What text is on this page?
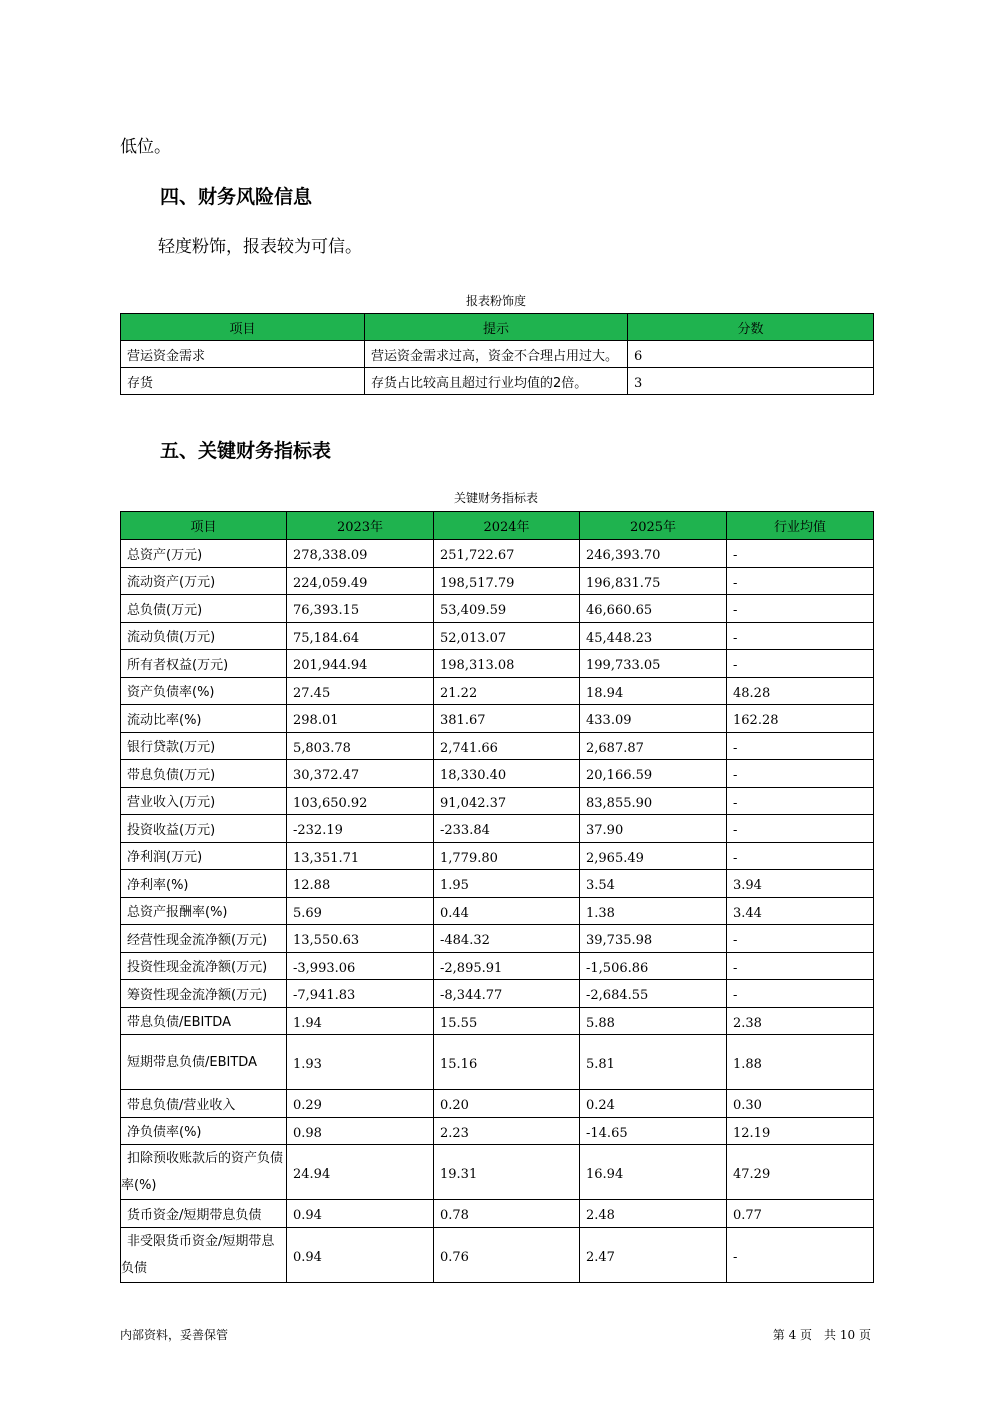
低位。
四、财务风险信息
轻度粉饰，报表较为可信。
报表粉饰度
项目	提示	分数
营运资金需求	营运资金需求过高，资金不合理占用过大。	6
存货	存货占比较高且超过行业均值的2倍。	3
五、关键财务指标表
关键财务指标表
项目	2023年	2024年	2025年	行业均值
总资产(万元)	278,338.09	251,722.67	246,393.70	-
流动资产(万元)	224,059.49	198,517.79	196,831.75	-
总负债(万元)	76,393.15	53,409.59	46,660.65	-
流动负债(万元)	75,184.64	52,013.07	45,448.23	-
所有者权益(万元)	201,944.94	198,313.08	199,733.05	-
资产负债率(%)	27.45	21.22	18.94	48.28
流动比率(%)	298.01	381.67	433.09	162.28
银行贷款(万元)	5,803.78	2,741.66	2,687.87	-
带息负债(万元)	30,372.47	18,330.40	20,166.59	-
营业收入(万元)	103,650.92	91,042.37	83,855.90	-
投资收益(万元)	-232.19	-233.84	37.90	-
净利润(万元)	13,351.71	1,779.80	2,965.49	-
净利率(%)	12.88	1.95	3.54	3.94
总资产报酬率(%)	5.69	0.44	1.38	3.44
经营性现金流净额(万元)	13,550.63	-484.32	39,735.98	-
投资性现金流净额(万元)	-3,993.06	-2,895.91	-1,506.86	-
筹资性现金流净额(万元)	-7,941.83	-8,344.77	-2,684.55	-
带息负债/EBITDA	1.94	15.55	5.88	2.38
短期带息负债/EBITDA	1.93	15.16	5.81	1.88
带息负债/营业收入	0.29	0.20	0.24	0.30
净负债率(%)	0.98	2.23	-14.65	12.19
扣除预收账款后的资产负债率(%)	24.94	19.31	16.94	47.29
货币资金/短期带息负债	0.94	0.78	2.48	0.77
非受限货币资金/短期带息负债	0.94	0.76	2.47	-
内部资料，妥善保管	第 4 页　共 10 页
